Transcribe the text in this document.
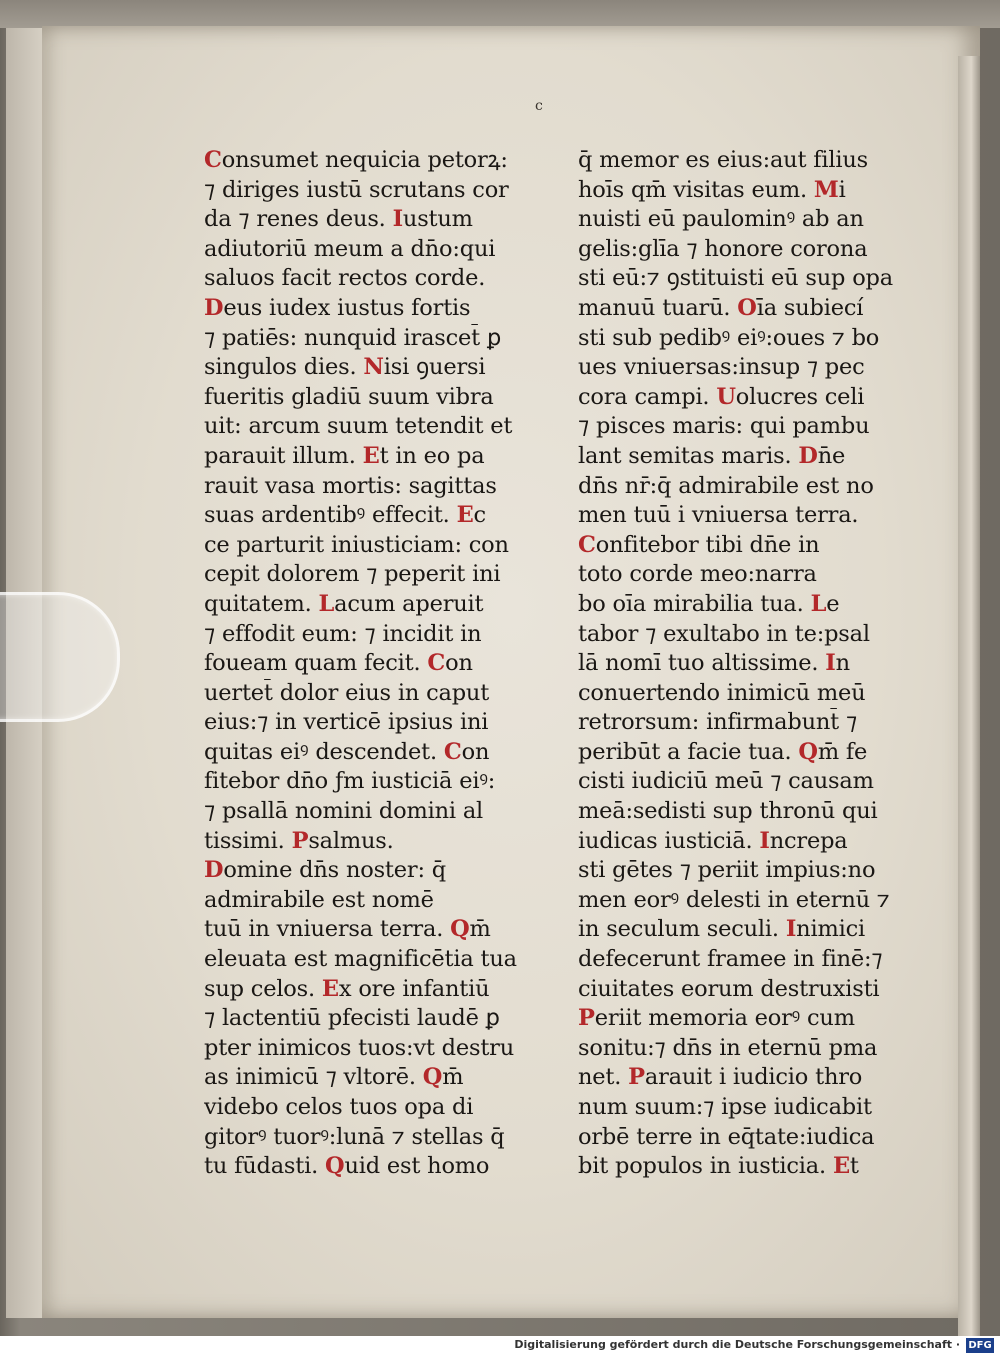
c
Consumet nequicia petorꝝ:
⁊ diriges iustū scrutans cor
da ⁊ renes deus. Iustum
adiutoriū meum a dn̄o:qui
saluos facit rectos corde.
Deus iudex iustus fortis
⁊ patiēs: nunquid irascet̄ ꝑ
singulos dies. Nisi ꝯuersi
fueritis gladiū suum vibra
uit: arcum suum tetendit et
parauit illum. Et in eo pa
rauit vasa mortis: sagittas
suas ardentibꝰ effecit. Ec
ce parturit iniusticiam: con
cepit dolorem ⁊ peperit ini
quitatem. Lacum aperuit
⁊ effodit eum: ⁊ incidit in
foueam quam fecit. Con
uertet̄ dolor eius in caput
eius:⁊ in verticē ipsius ini
quitas eiꝰ descendet. Con
fitebor dn̄o ƒm iusticiā eiꝰ:
⁊ psallā nomini domini al
tissimi. Psalmus.
Domine dn̄s noster: q̄
admirabile est nomē
tuū in vniuersa terra. Qm̄
eleuata est magnificētia tua
sup celos. Ex ore infantiū
⁊ lactentiū pfecisti laudē ꝑ
pter inimicos tuos:vt destru
as inimicū ⁊ vltorē. Qm̄
videbo celos tuos opa di
gitorꝰ tuorꝰ:lunā ⁊ stellas q̄
tu fūdasti. Quid est homo
q̄ memor es eius:aut filius
hoīs qm̄ visitas eum. Mi
nuisti eū paulominꝰ ab an
gelis:glīa ⁊ honore corona
sti eū:⁊ ꝯstituisti eū sup opa
manuū tuarū. Oīa subiecí
sti sub pedibꝰ eiꝰ:oues ⁊ bo
ues vniuersas:insup ⁊ pec
cora campi. Uolucres celi
⁊ pisces maris: qui pambu
lant semitas maris. Dn̄e
dn̄s nr̄:q̄ admirabile est no
men tuū i vniuersa terra.
Confitebor tibi dn̄e in
toto corde meo:narra
bo oīa mirabilia tua. Le
tabor ⁊ exultabo in te:psal
lā nomī tuo altissime. In
conuertendo inimicū meū
retrorsum: infirmabunt̄ ⁊
peribūt a facie tua. Qm̄ fe
cisti iudiciū meū ⁊ causam
meā:sedisti sup thronū qui
iudicas iusticiā. Increpa
sti gētes ⁊ periit impius:no
men eorꝰ delesti in eternū ⁊
in seculum seculi. Inimici
defecerunt framee in finē:⁊
ciuitates eorum destruxisti
Periit memoria eorꝰ cum
sonitu:⁊ dn̄s in eternū pma
net. Parauit i iudicio thro
num suum:⁊ ipse iudicabit
orbē terre in eq̄tate:iudica
bit populos in iusticia. Et
Digitalisierung gefördert durch die Deutsche Forschungsgemeinschaft · DFG
